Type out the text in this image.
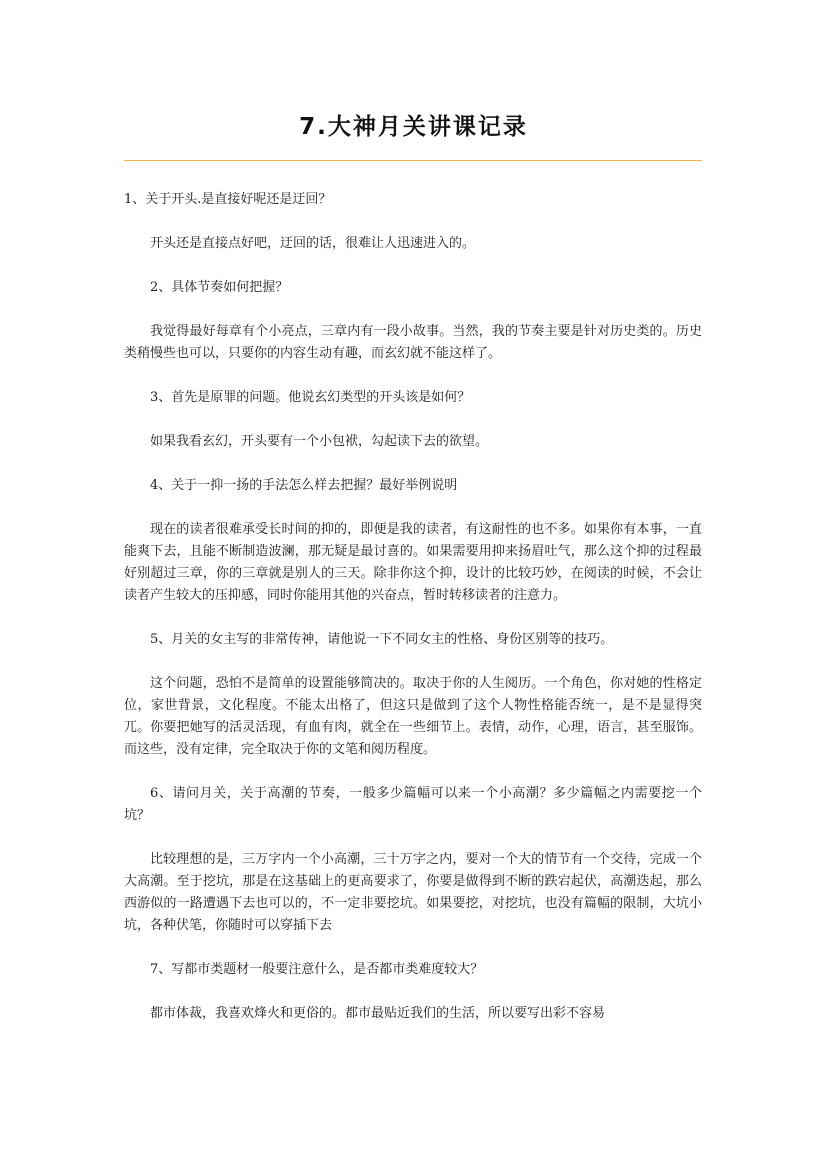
7.大神月关讲课记录

1、关于开头.是直接好呢还是迂回？

开头还是直接点好吧，迂回的话，很难让人迅速进入的。

2、具体节奏如何把握？

我觉得最好每章有个小亮点，三章内有一段小故事。当然，我的节奏主要是针对历史类的。历史类稍慢些也可以，只要你的内容生动有趣，而玄幻就不能这样了。

3、首先是原罪的问题。他说玄幻类型的开头该是如何？

如果我看玄幻，开头要有一个小包袱，勾起读下去的欲望。

4、关于一抑一扬的手法怎么样去把握？最好举例说明

现在的读者很难承受长时间的抑的，即便是我的读者，有这耐性的也不多。如果你有本事，一直能爽下去，且能不断制造波澜，那无疑是最讨喜的。如果需要用抑来扬眉吐气，那么这个抑的过程最好别超过三章，你的三章就是别人的三天。除非你这个抑，设计的比较巧妙，在阅读的时候，不会让读者产生较大的压抑感，同时你能用其他的兴奋点，暂时转移读者的注意力。

5、月关的女主写的非常传神，请他说一下不同女主的性格、身份区别等的技巧。

这个问题，恐怕不是简单的设置能够简决的。取决于你的人生阅历。一个角色，你对她的性格定位，家世背景，文化程度。不能太出格了，但这只是做到了这个人物性格能否统一，是不是显得突兀。你要把她写的活灵活现，有血有肉，就全在一些细节上。表情，动作，心理，语言，甚至服饰。而这些，没有定律，完全取决于你的文笔和阅历程度。

6、请问月关，关于高潮的节奏，一般多少篇幅可以来一个小高潮？多少篇幅之内需要挖一个坑？

比较理想的是，三万字内一个小高潮，三十万字之内，要对一个大的情节有一个交待，完成一个大高潮。至于挖坑，那是在这基础上的更高要求了，你要是做得到不断的跌宕起伏，高潮迭起，那么西游似的一路遭遇下去也可以的，不一定非要挖坑。如果要挖，对挖坑，也没有篇幅的限制，大坑小坑，各种伏笔，你随时可以穿插下去

7、写都市类题材一般要注意什么，是否都市类难度较大？

都市体裁，我喜欢烽火和更俗的。都市最贴近我们的生活，所以要写出彩不容易
